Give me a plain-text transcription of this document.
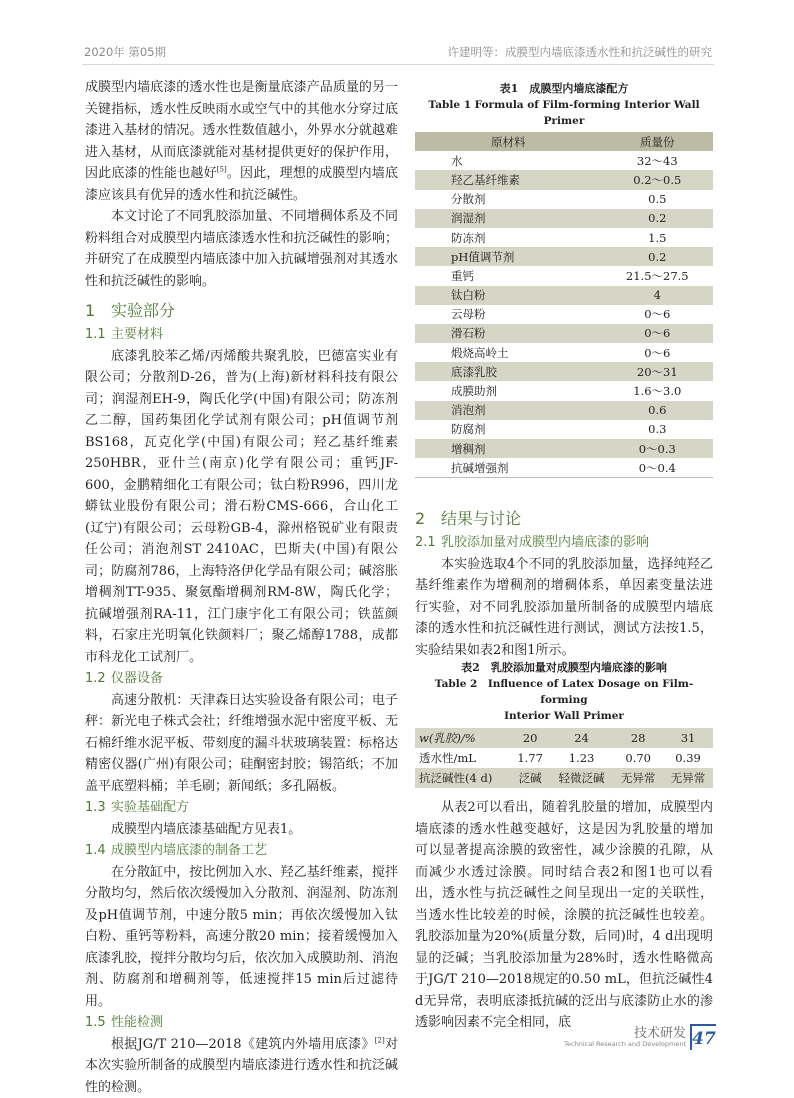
2020年 第05期	许建明等：成膜型内墙底漆透水性和抗泛碱性的研究

成膜型内墙底漆的透水性也是衡量底漆产品质量的另一关键指标，透水性反映雨水或空气中的其他水分穿过底漆进入基材的情况。透水性数值越小，外界水分就越难进入基材，从而底漆就能对基材提供更好的保护作用，因此底漆的性能也越好[5]。因此，理想的成膜型内墙底漆应该具有优异的透水性和抗泛碱性。

本文讨论了不同乳胶添加量、不同增稠体系及不同粉料组合对成膜型内墙底漆透水性和抗泛碱性的影响；并研究了在成膜型内墙底漆中加入抗碱增强剂对其透水性和抗泛碱性的影响。

1 实验部分
1.1 主要材料

底漆乳胶苯乙烯/丙烯酸共聚乳胶，巴德富实业有限公司；分散剂D-26，普为(上海)新材料科技有限公司；润湿剂EH-9，陶氏化学(中国)有限公司；防冻剂乙二醇，国药集团化学试剂有限公司；pH值调节剂BS168，瓦克化学(中国)有限公司；羟乙基纤维素250HBR，亚什兰(南京)化学有限公司；重钙JF-600，金鹏精细化工有限公司；钛白粉R996，四川龙蟒钛业股份有限公司；滑石粉CMS-666，合山化工(辽宁)有限公司；云母粉GB-4，滁州格锐矿业有限责任公司；消泡剂ST 2410AC，巴斯夫(中国)有限公司；防腐剂786，上海特洛伊化学品有限公司；碱溶胀增稠剂TT-935、聚氨酯增稠剂RM-8W，陶氏化学；抗碱增强剂RA-11，江门康宇化工有限公司；铁蓝颜料，石家庄光明氧化铁颜料厂；聚乙烯醇1788，成都市科龙化工试剂厂。

1.2 仪器设备

高速分散机：天津森日达实验设备有限公司；电子秤：新光电子株式会社；纤维增强水泥中密度平板、无石棉纤维水泥平板、带刻度的漏斗状玻璃装置：标格达精密仪器(广州)有限公司；硅酮密封胶；锡箔纸；不加盖平底塑料桶；羊毛刷；新闻纸；多孔隔板。

1.3 实验基础配方

成膜型内墙底漆基础配方见表1。

1.4 成膜型内墙底漆的制备工艺

在分散缸中，按比例加入水、羟乙基纤维素，搅拌分散均匀，然后依次缓慢加入分散剂、润湿剂、防冻剂及pH值调节剂，中速分散5 min；再依次缓慢加入钛白粉、重钙等粉料，高速分散20 min；接着缓慢加入底漆乳胶，搅拌分散均匀后，依次加入成膜助剂、消泡剂、防腐剂和增稠剂等，低速搅拌15 min后过滤待用。

1.5 性能检测

根据JG/T 210—2018《建筑内外墙用底漆》[2]对本次实验所制备的成膜型内墙底漆进行透水性和抗泛碱性的检测。

表1　成膜型内墙底漆配方
Table 1 Formula of Film-forming Interior Wall Primer
原材料	质量份
水	32～43
羟乙基纤维素	0.2～0.5
分散剂	0.5
润湿剂	0.2
防冻剂	1.5
pH值调节剂	0.2
重钙	21.5～27.5
钛白粉	4
云母粉	0～6
滑石粉	0～6
煅烧高岭土	0～6
底漆乳胶	20～31
成膜助剂	1.6～3.0
消泡剂	0.6
防腐剂	0.3
增稠剂	0～0.3
抗碱增强剂	0～0.4
2 结果与讨论
2.1 乳胶添加量对成膜型内墙底漆的影响

本实验选取4个不同的乳胶添加量，选择纯羟乙基纤维素作为增稠剂的增稠体系，单因素变量法进行实验，对不同乳胶添加量所制备的成膜型内墙底漆的透水性和抗泛碱性进行测试，测试方法按1.5，实验结果如表2和图1所示。

表2　乳胶添加量对成膜型内墙底漆的影响
Table 2　Influence of Latex Dosage on Film-forming
Interior Wall Primer
w(乳胶)/%	20	24	28	31
透水性/mL	1.77	1.23	0.70	0.39
抗泛碱性(4 d)	泛碱	轻微泛碱	无异常	无异常

从表2可以看出，随着乳胶量的增加，成膜型内墙底漆的透水性越变越好，这是因为乳胶量的增加可以显著提高涂膜的致密性，减少涂膜的孔隙，从而减少水透过涂膜。同时结合表2和图1也可以看出，透水性与抗泛碱性之间呈现出一定的关联性，当透水性比较差的时候，涂膜的抗泛碱性也较差。乳胶添加量为20%(质量分数，后同)时，4 d出现明显的泛碱；当乳胶添加量为28%时，透水性略微高于JG/T 210—2018规定的0.50 mL，但抗泛碱性4 d无异常，表明底漆抵抗碱的泛出与底漆防止水的渗透影响因素不完全相同，底

技术研发
Technical Research and Development 47
